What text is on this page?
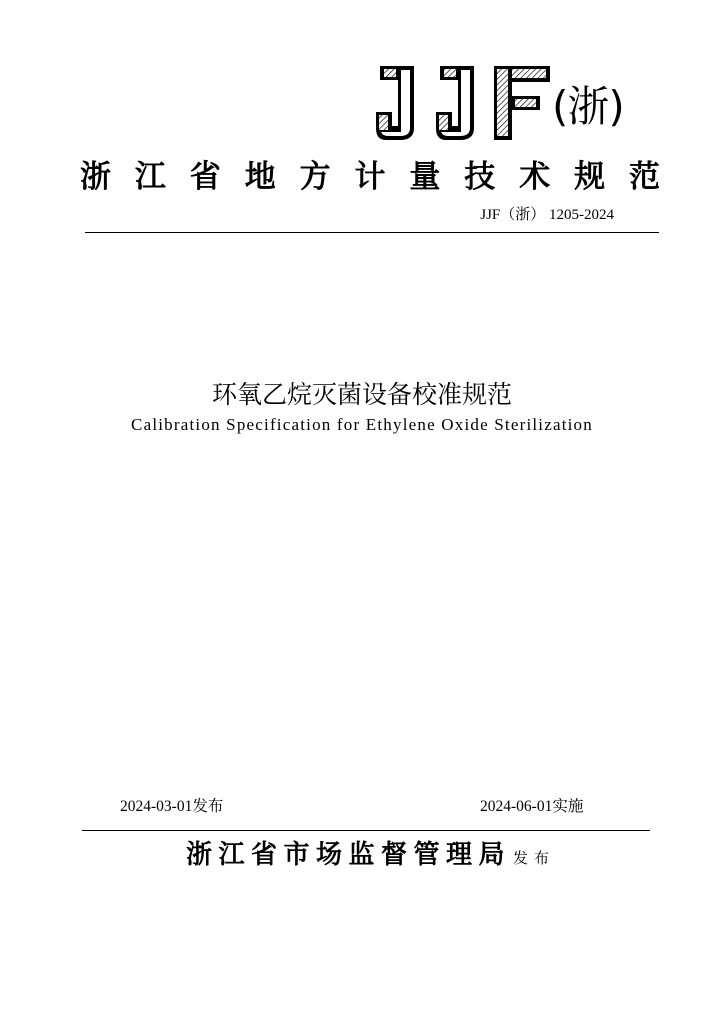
(浙)
浙江省地方计量技术规范
JJF（浙） 1205-2024
环氧乙烷灭菌设备校准规范
Calibration Specification for Ethylene Oxide Sterilization
2024-03-01发布	2024-06-01实施
浙江省市场监督管理局 发布
